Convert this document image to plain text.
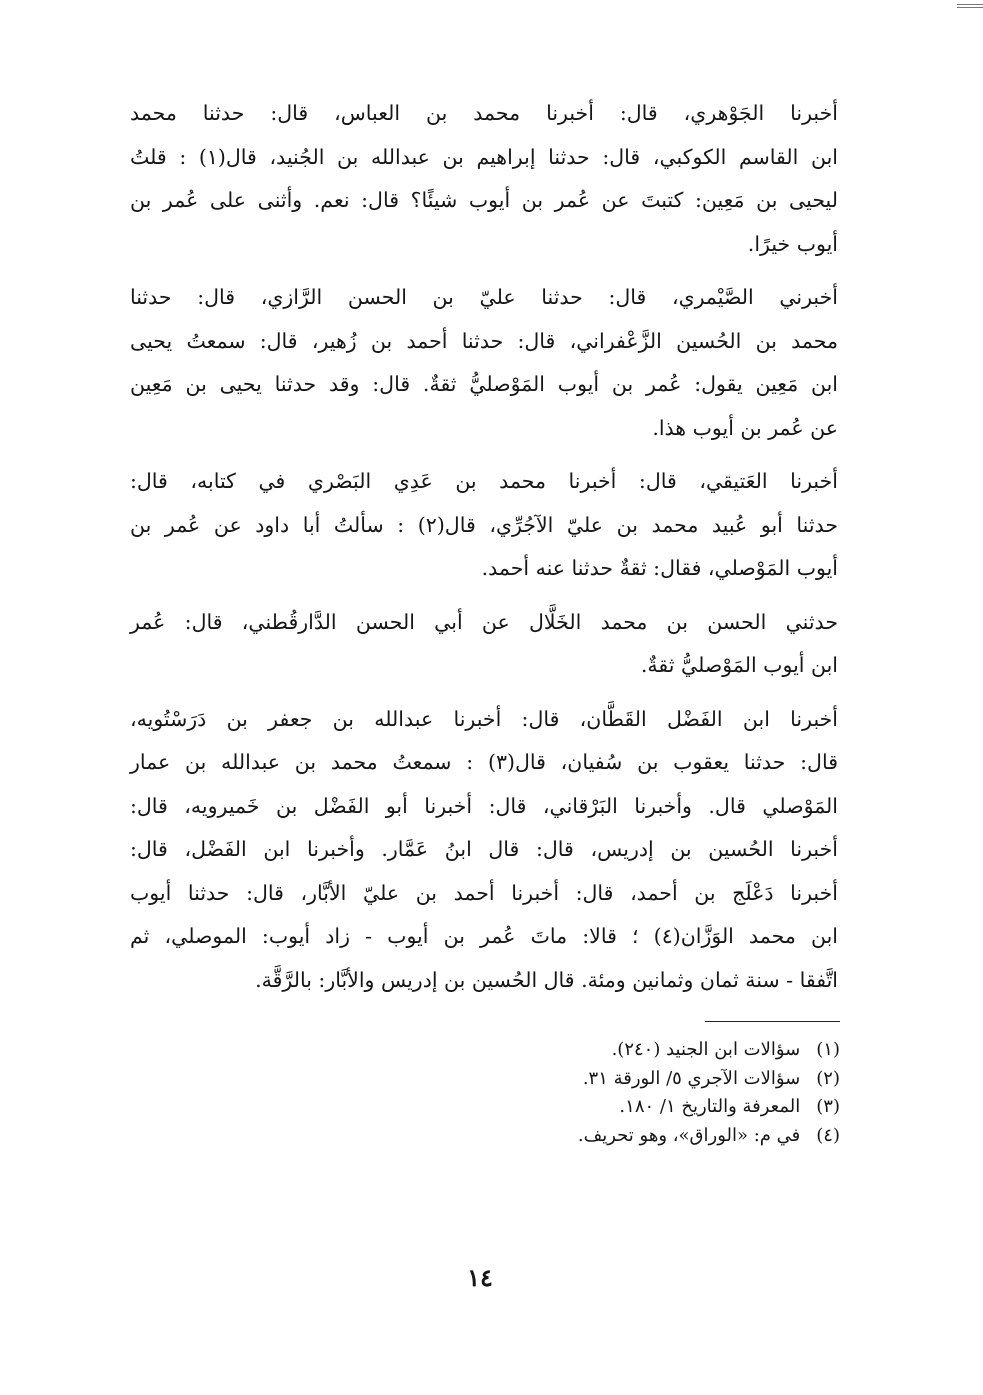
أخبرنا الجَوْهري، قال: أخبرنا محمد بن العباس، قال: حدثنا محمد
ابن القاسم الكوكبي، قال: حدثنا إبراهيم بن عبدالله بن الجُنيد، قال(١) : قلتُ
ليحيى بن مَعِين: كتبتَ عن عُمر بن أيوب شيئًا؟ قال: نعم. وأثنى على عُمر بن
أيوب خيرًا.

أخبرني الصَّيْمري، قال: حدثنا عليّ بن الحسن الرَّازي، قال: حدثنا
محمد بن الحُسين الزَّعْفراني، قال: حدثنا أحمد بن زُهير، قال: سمعتُ يحيى
ابن مَعِين يقول: عُمر بن أيوب المَوْصليُّ ثقةٌ. قال: وقد حدثنا يحيى بن مَعِين
عن عُمر بن أيوب هذا.

أخبرنا العَتيقي، قال: أخبرنا محمد بن عَدِي البَصْري في كتابه، قال:
حدثنا أبو عُبيد محمد بن عليّ الآجُرِّي، قال(٢) : سألتُ أبا داود عن عُمر بن
أيوب المَوْصلي، فقال: ثقةٌ حدثنا عنه أحمد.

حدثني الحسن بن محمد الخَلَّال عن أبي الحسن الدَّارقُطني، قال: عُمر
ابن أيوب المَوْصليُّ ثقةٌ.

أخبرنا ابن الفَضْل القَطَّان، قال: أخبرنا عبدالله بن جعفر بن دَرَسْتُويه،
قال: حدثنا يعقوب بن سُفيان، قال(٣) : سمعتُ محمد بن عبدالله بن عمار
المَوْصلي قال. وأخبرنا البَرْقاني، قال: أخبرنا أبو الفَضْل بن خَميرويه، قال:
أخبرنا الحُسين بن إدريس، قال: قال ابنُ عَمَّار. وأخبرنا ابن الفَضْل، قال:
أخبرنا دَعْلَج بن أحمد، قال: أخبرنا أحمد بن عليّ الأبَّار، قال: حدثنا أيوب
ابن محمد الوَزَّان(٤) ؛ قالا: ماتَ عُمر بن أيوب - زاد أيوب: الموصلي، ثم
اتَّفقا - سنة ثمان وثمانين ومئة. قال الحُسين بن إدريس والأبَّار: بالرَّقَّة.

(١) سؤالات ابن الجنيد (٢٤٠).
(٢) سؤالات الآجري ٥/ الورقة ٣١.
(٣) المعرفة والتاريخ ١/ ١٨٠.
(٤) في م: «الوراق»، وهو تحريف.
١٤
